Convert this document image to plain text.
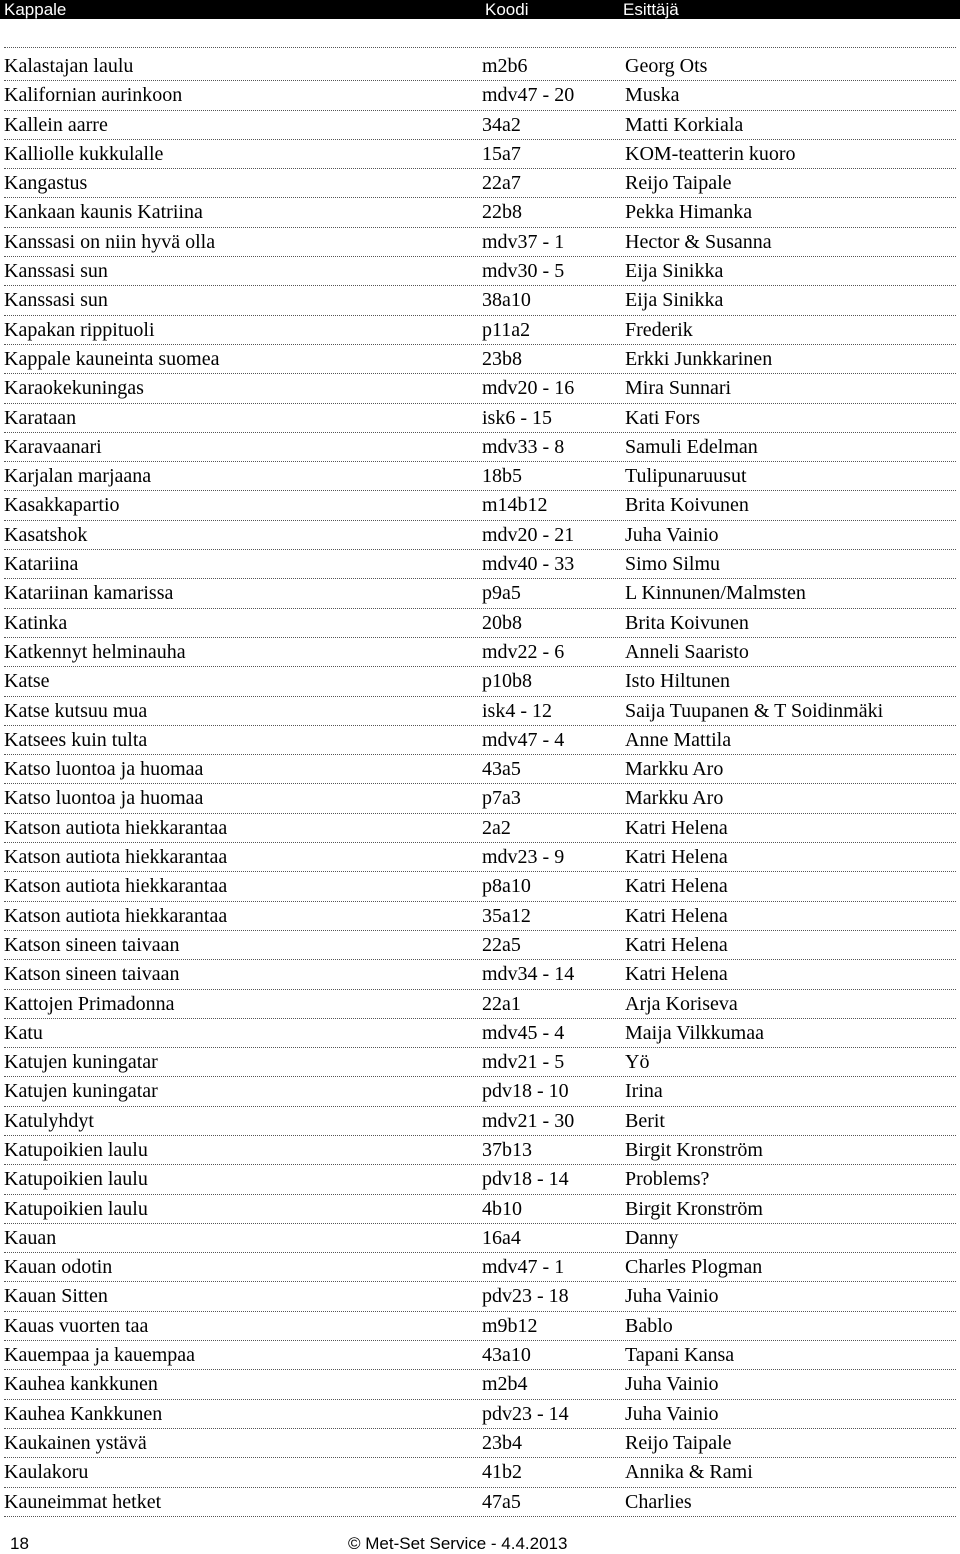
Kappale	Koodi	Esittäjä
Kalastajan laulu	m2b6	Georg Ots
Kalifornian aurinkoon	mdv47 - 20	Muska
Kallein aarre	34a2	Matti Korkiala
Kalliolle kukkulalle	15a7	KOM-teatterin kuoro
Kangastus	22a7	Reijo Taipale
Kankaan kaunis Katriina	22b8	Pekka Himanka
Kanssasi on niin hyvä olla	mdv37 - 1	Hector & Susanna
Kanssasi sun	mdv30 - 5	Eija Sinikka
Kanssasi sun	38a10	Eija Sinikka
Kapakan rippituoli	p11a2	Frederik
Kappale kauneinta suomea	23b8	Erkki Junkkarinen
Karaokekuningas	mdv20 - 16	Mira Sunnari
Karataan	isk6 - 15	Kati Fors
Karavaanari	mdv33 - 8	Samuli Edelman
Karjalan marjaana	18b5	Tulipunaruusut
Kasakkapartio	m14b12	Brita Koivunen
Kasatshok	mdv20 - 21	Juha Vainio
Katariina	mdv40 - 33	Simo Silmu
Katariinan kamarissa	p9a5	L Kinnunen/Malmsten
Katinka	20b8	Brita Koivunen
Katkennyt helminauha	mdv22 - 6	Anneli Saaristo
Katse	p10b8	Isto Hiltunen
Katse kutsuu mua	isk4 - 12	Saija Tuupanen & T Soidinmäki
Katsees kuin tulta	mdv47 - 4	Anne Mattila
Katso luontoa ja huomaa	43a5	Markku Aro
Katso luontoa ja huomaa	p7a3	Markku Aro
Katson autiota hiekkarantaa	2a2	Katri Helena
Katson autiota hiekkarantaa	mdv23 - 9	Katri Helena
Katson autiota hiekkarantaa	p8a10	Katri Helena
Katson autiota hiekkarantaa	35a12	Katri Helena
Katson sineen taivaan	22a5	Katri Helena
Katson sineen taivaan	mdv34 - 14	Katri Helena
Kattojen Primadonna	22a1	Arja Koriseva
Katu	mdv45 - 4	Maija Vilkkumaa
Katujen kuningatar	mdv21 - 5	Yö
Katujen kuningatar	pdv18 - 10	Irina
Katulyhdyt	mdv21 - 30	Berit
Katupoikien laulu	37b13	Birgit Kronström
Katupoikien laulu	pdv18 - 14	Problems?
Katupoikien laulu	4b10	Birgit Kronström
Kauan	16a4	Danny
Kauan odotin	mdv47 - 1	Charles Plogman
Kauan Sitten	pdv23 - 18	Juha Vainio
Kauas vuorten taa	m9b12	Bablo
Kauempaa ja kauempaa	43a10	Tapani Kansa
Kauhea kankkunen	m2b4	Juha Vainio
Kauhea Kankkunen	pdv23 - 14	Juha Vainio
Kaukainen ystävä	23b4	Reijo Taipale
Kaulakoru	41b2	Annika & Rami
Kauneimmat hetket	47a5	Charlies
18	© Met-Set Service - 4.4.2013
